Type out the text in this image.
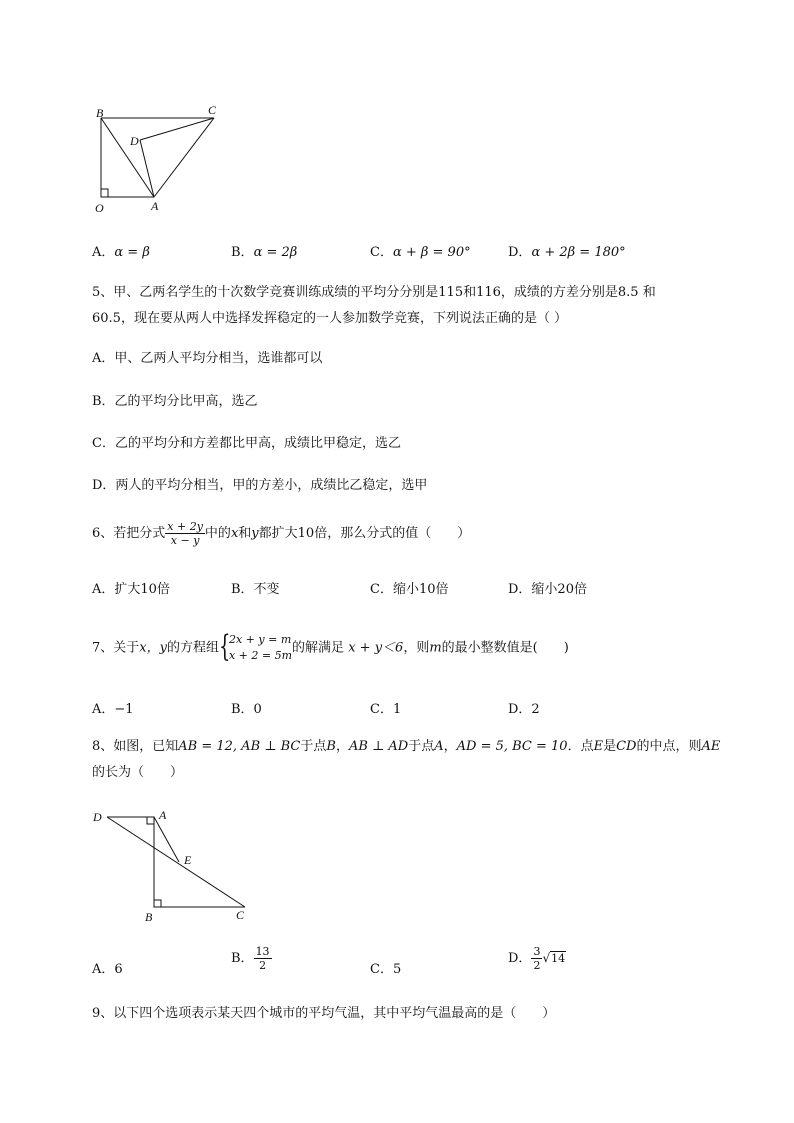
B	C
D
O	A
A．α = β	B．α = 2β	C．α + β = 90°	D．α + 2β = 180°
5、甲、乙两名学生的十次数学竞赛训练成绩的平均分分别是115和116，成绩的方差分别是8.5 和
60.5，现在要从两人中选择发挥稳定的一人参加数学竞赛，下列说法正确的是（ ）
A．甲、乙两人平均分相当，选谁都可以
B．乙的平均分比甲高，选乙
C．乙的平均分和方差都比甲高，成绩比甲稳定，选乙
D．两人的平均分相当，甲的方差小，成绩比乙稳定，选甲
6、若把分式 $\frac{x + 2y}{x - y}$ 中的x和y都扩大10倍，那么分式的值（　　）
A．扩大10倍	B．不变	C．缩小10倍	D．缩小20倍
7、关于x，y的方程组 {
2x + y = m
x + 2 = 5m 的解满足 x + y＜6，则m的最小整数值是(　　)
A．−1	B．0	C．1	D．2
8、如图，已知AB = 12, AB ⊥ BC于点B，AB ⊥ AD于点A，AD = 5, BC = 10．点E是CD的中点，则AE
的长为（　　）
D	A
E
B	C
A．6
B． $\frac{13}{2}$	C．5
D． $\frac{3}{2} √14$
9、以下四个选项表示某天四个城市的平均气温，其中平均气温最高的是（　　）
